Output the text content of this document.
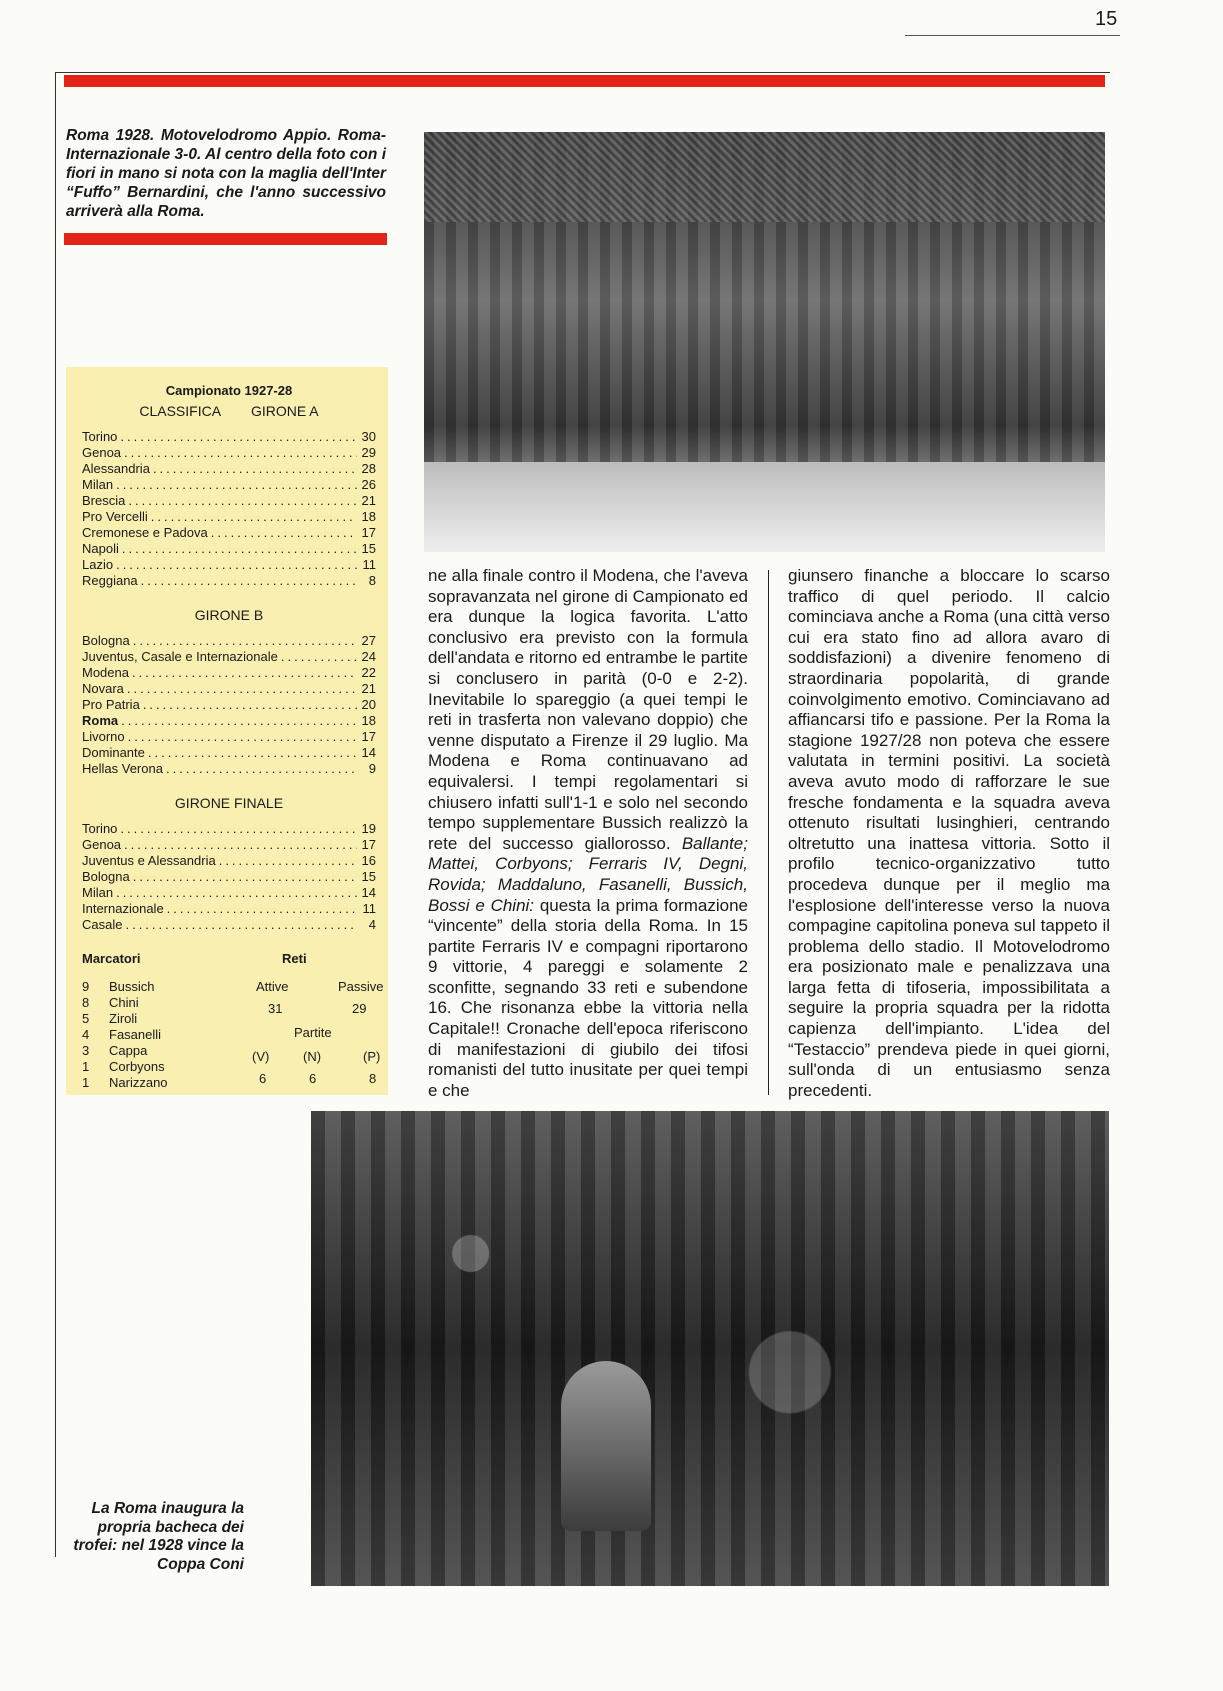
15

Roma 1928. Motovelodromo Appio. Roma-Internazionale 3-0. Al centro della foto con i fiori in mano si nota con la maglia dell'Inter “Fuffo” Bernardini, che l'anno successivo arriverà alla Roma.

Campionato 1927-28
CLASSIFICA GIRONE A
Torino .....	30
Genoa .....	29
Alessandria .....	28
Milan .....	26
Brescia .....	21
Pro Vercelli .....	18
Cremonese e Padova .....	17
Napoli .....	15
Lazio .....	11
Reggiana .....	8
GIRONE B
Bologna .....	27
Juventus, Casale e Internazionale .....	24
Modena .....	22
Novara .....	21
Pro Patria .....	20
Roma .....	18
Livorno .....	17
Dominante .....	14
Hellas Verona .....	9
GIRONE FINALE
Torino .....	19
Genoa .....	17
Juventus e Alessandria .....	16
Bologna .....	15
Milan .....	14
Internazionale .....	11
Casale .....	4
Marcatori	Reti
9	Bussich
8	Chini
5	Ziroli
4	Fasanelli
3	Cappa
1	Corbyons
1	Narizzano
Attive	Passive
31	29
Partite
(V)	(N)	(P)
6	6	8
ne alla finale contro il Modena, che l'aveva sopravanzata nel girone di Campionato ed era dunque la logica favorita. L'atto conclusivo era previsto con la formula dell'andata e ritorno ed entrambe le partite si conclusero in parità (0-0 e 2-2). Inevitabile lo spareggio (a quei tempi le reti in trasferta non valevano doppio) che venne disputato a Firenze il 29 luglio. Ma Modena e Roma continuavano ad equivalersi. I tempi regolamentari si chiusero infatti sull'1-1 e solo nel secondo tempo supplementare Bussich realizzò la rete del successo giallorosso. Ballante; Mattei, Corbyons; Ferraris IV, Degni, Rovida; Maddaluno, Fasanelli, Bussich, Bossi e Chini: questa la prima formazione “vincente” della storia della Roma. In 15 partite Ferraris IV e compagni riportarono 9 vittorie, 4 pareggi e solamente 2 sconfitte, segnando 33 reti e subendone 16. Che risonanza ebbe la vittoria nella Capitale!! Cronache dell'epoca riferiscono di manifestazioni di giubilo dei tifosi romanisti del tutto inusitate per quei tempi e che
giunsero finanche a bloccare lo scarso traffico di quel periodo. Il calcio cominciava anche a Roma (una città verso cui era stato fino ad allora avaro di soddisfazioni) a divenire fenomeno di straordinaria popolarità, di grande coinvolgimento emotivo. Cominciavano ad affiancarsi tifo e passione. Per la Roma la stagione 1927/28 non poteva che essere valutata in termini positivi. La società aveva avuto modo di rafforzare le sue fresche fondamenta e la squadra aveva ottenuto risultati lusinghieri, centrando oltretutto una inattesa vittoria. Sotto il profilo tecnico-organizzativo tutto procedeva dunque per il meglio ma l'esplosione dell'interesse verso la nuova compagine capitolina poneva sul tappeto il problema dello stadio. Il Motovelodromo era posizionato male e penalizzava una larga fetta di tifoseria, impossibilitata a seguire la propria squadra per la ridotta capienza dell'impianto. L'idea del “Testaccio” prendeva piede in quei giorni, sull'onda di un entusiasmo senza precedenti.

La Roma inaugura la propria bacheca dei trofei: nel 1928 vince la Coppa Coni
